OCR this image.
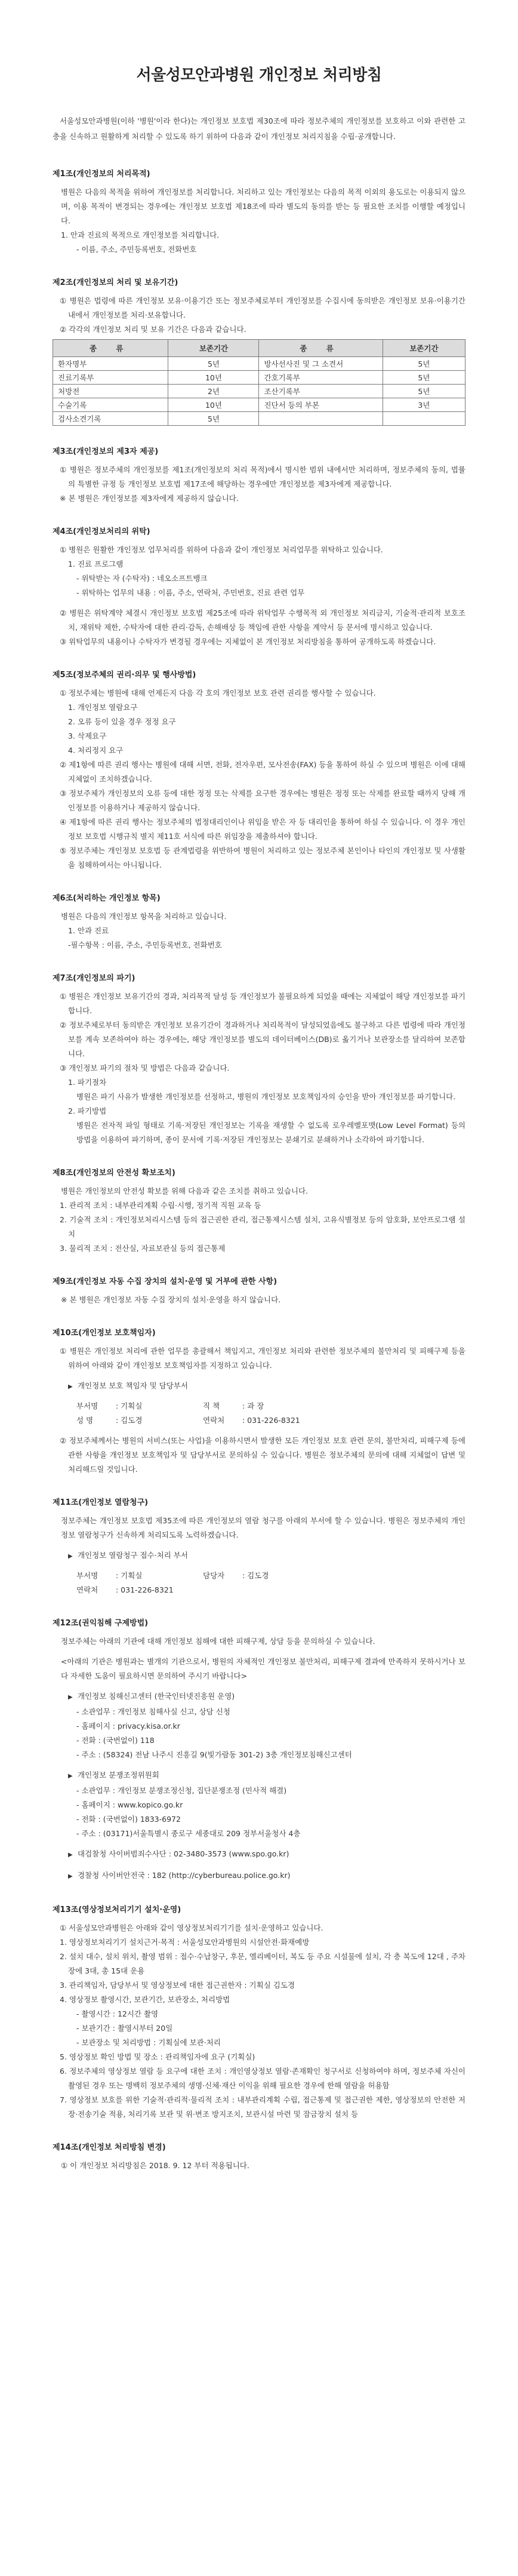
서울성모안과병원 개인정보 처리방침

서울성모안과병원(이하 '병원'이라 한다)는 개인정보 보호법 제30조에 따라 정보주체의 개인정보를 보호하고 이와 관련한 고충을 신속하고 원활하게 처리할 수 있도록 하기 위하여 다음과 같이 개인정보 처리지침을 수립·공개합니다.

제1조(개인정보의 처리목적)

병원은 다음의 목적을 위하여 개인정보를 처리합니다. 처리하고 있는 개인정보는 다음의 목적 이외의 용도로는 이용되지 않으며, 이용 목적이 변경되는 경우에는 개인정보 보호법 제18조에 따라 별도의 동의를 받는 등 필요한 조치를 이행할 예정입니다.

1. 안과 진료의 목적으로 개인정보를 처리합니다.

- 이름, 주소, 주민등록번호, 전화번호

제2조(개인정보의 처리 및 보유기간)

① 병원은 법령에 따른 개인정보 보유·이용기간 또는 정보주체로부터 개인정보를 수집시에 동의받은 개인정보 보유·이용기간 내에서 개인정보를 처리·보유합니다.

② 각각의 개인정보 처리 및 보유 기간은 다음과 같습니다.

종 류	보존기간	종 류	보존기간
환자명부	5년	방사선사진 및 그 소견서	5년
진료기록부	10년	간호기록부	5년
처방전	2년	조산기록부	5년
수술기록	10년	진단서 등의 부본	3년
검사소견기록	5년		
제3조(개인정보의 제3자 제공)

① 병원은 정보주체의 개인정보를 제1조(개인정보의 처리 목적)에서 명시한 범위 내에서만 처리하며, 정보주체의 동의, 법률의 특별한 규정 등 개인정보 보호법 제17조에 해당하는 경우에만 개인정보를 제3자에게 제공합니다.

※ 본 병원은 개인정보를 제3자에게 제공하지 않습니다.

제4조(개인정보처리의 위탁)

① 병원은 원활한 개인정보 업무처리를 위하여 다음과 같이 개인정보 처리업무를 위탁하고 있습니다.

1. 진료 프로그램

- 위탁받는 자 (수탁자) : 네오소프트뱅크

- 위탁하는 업무의 내용 : 이름, 주소, 연락처, 주민번호, 진료 관련 업무

② 병원은 위탁계약 체결시 개인정보 보호법 제25조에 따라 위탁업무 수행목적 외 개인정보 처리금지, 기술적·관리적 보호조치, 재위탁 제한, 수탁자에 대한 관리·감독, 손해배상 등 책임에 관한 사항을 계약서 등 문서에 명시하고 있습니다.

③ 위탁업무의 내용이나 수탁자가 변경될 경우에는 지체없이 본 개인정보 처리방침을 통하여 공개하도록 하겠습니다.

제5조(정보주체의 권리·의무 및 행사방법)

① 정보주체는 병원에 대해 언제든지 다음 각 호의 개인정보 보호 관련 권리를 행사할 수 있습니다.

1. 개인정보 열람요구

2. 오류 등이 있을 경우 정정 요구

3. 삭제요구

4. 처리정지 요구

② 제1항에 따른 권리 행사는 병원에 대해 서면, 전화, 전자우편, 모사전송(FAX) 등을 통하여 하실 수 있으며 병원은 이에 대해 지체없이 조치하겠습니다.

③ 정보주체가 개인정보의 오류 등에 대한 정정 또는 삭제를 요구한 경우에는 병원은 정정 또는 삭제를 완료할 때까지 당해 개인정보를 이용하거나 제공하지 않습니다.

④ 제1항에 따른 권리 행사는 정보주체의 법정대리인이나 위임을 받은 자 등 대리인을 통하여 하실 수 있습니다. 이 경우 개인정보 보호법 시행규칙 별지 제11호 서식에 따른 위임장을 제출하셔야 합니다.

⑤ 정보주체는 개인정보 보호법 등 관계법령을 위반하여 병원이 처리하고 있는 정보주체 본인이나 타인의 개인정보 및 사생활을 침해하여서는 아니됩니다.

제6조(처리하는 개인정보 항목)

병원은 다음의 개인정보 항목을 처리하고 있습니다.

1. 안과 진료

-필수항목 : 이름, 주소, 주민등록번호, 전화번호

제7조(개인정보의 파기)

① 병원은 개인정보 보유기간의 경과, 처리목적 달성 등 개인정보가 불필요하게 되었을 때에는 지체없이 해당 개인정보를 파기합니다.

② 정보주체로부터 동의받은 개인정보 보유기간이 경과하거나 처리목적이 달성되었음에도 불구하고 다른 법령에 따라 개인정보를 계속 보존하여야 하는 경우에는, 해당 개인정보를 별도의 데이터베이스(DB)로 옮기거나 보관장소를 달리하여 보존합니다.

③ 개인정보 파기의 절차 및 방법은 다음과 같습니다.

1. 파기절차

병원은 파기 사유가 발생한 개인정보를 선정하고, 병원의 개인정보 보호책임자의 승인을 받아 개인정보를 파기합니다.

2. 파기방법

병원은 전자적 파일 형태로 기록·저장된 개인정보는 기록을 재생할 수 없도록 로우레벨포맷(Low Level Format) 등의 방법을 이용하여 파기하며, 종이 문서에 기록·저장된 개인정보는 분쇄기로 분쇄하거나 소각하여 파기합니다.

제8조(개인정보의 안전성 확보조치)

병원은 개인정보의 안전성 확보를 위해 다음과 같은 조치를 취하고 있습니다.

1. 관리적 조치 : 내부관리계획 수립·시행, 정기적 직원 교육 등

2. 기술적 조치 : 개인정보처리시스템 등의 접근권한 관리, 접근통제시스템 설치, 고유식별정보 등의 암호화, 보안프로그램 설치

3. 물리적 조치 : 전산실, 자료보관실 등의 접근통제

제9조(개인정보 자동 수집 장치의 설치·운영 및 거부에 관한 사항)

※ 본 병원은 개인정보 자동 수집 장치의 설치·운영을 하지 않습니다.

제10조(개인정보 보호책임자)

① 병원은 개인정보 처리에 관한 업무를 총괄해서 책임지고, 개인정보 처리와 관련한 정보주체의 불만처리 및 피해구제 등을 위하여 아래와 같이 개인정보 보호책임자를 지정하고 있습니다.

▶ 개인정보 보호 책임자 및 담당부서

부서명	: 기획실	직 책	: 과 장
성 명	: 김도경	연락처	: 031-226-8321

② 정보주체께서는 병원의 서비스(또는 사업)을 이용하시면서 발생한 모든 개인정보 보호 관련 문의, 불만처리, 피해구제 등에 관한 사항을 개인정보 보호책임자 및 담당부서로 문의하실 수 있습니다. 병원은 정보주체의 문의에 대해 지체없이 답변 및 처리해드릴 것입니다.

제11조(개인정보 열람청구)

정보주체는 개인정보 보호법 제35조에 따른 개인정보의 열람 청구를 아래의 부서에 할 수 있습니다. 병원은 정보주체의 개인정보 열람청구가 신속하게 처리되도록 노력하겠습니다.

▶ 개인정보 열람청구 접수·처리 부서

부서명	: 기획실	담당자	: 김도경
연락처	: 031-226-8321
제12조(권익침해 구제방법)

정보주체는 아래의 기관에 대해 개인정보 침해에 대한 피해구제, 상담 등을 문의하실 수 있습니다.

<아래의 기관은 병원과는 별개의 기관으로서, 병원의 자체적인 개인정보 불만처리, 피해구제 결과에 만족하지 못하시거나 보다 자세한 도움이 필요하시면 문의하여 주시기 바랍니다>

▶ 개인정보 침해신고센터 (한국인터넷진흥원 운영)

- 소관업무 : 개인정보 침해사실 신고, 상담 신청

- 홈페이지 : privacy.kisa.or.kr

- 전화 : (국번없이) 118

- 주소 : (58324) 전남 나주시 진흥길 9(빛가람동 301-2) 3층 개인정보침해신고센터

▶ 개인정보 분쟁조정위원회

- 소관업무 : 개인정보 분쟁조정신청, 집단분쟁조정 (민사적 해결)

- 홈페이지 : www.kopico.go.kr

- 전화 : (국번없이) 1833-6972

- 주소 : (03171)서울특별시 종로구 세종대로 209 정부서울청사 4층

▶ 대검찰청 사이버범죄수사단 : 02-3480-3573 (www.spo.go.kr)

▶ 경찰청 사이버안전국 : 182 (http://cyberbureau.police.go.kr)

제13조(영상정보처리기기 설치·운영)

① 서울성모안과병원은 아래와 같이 영상정보처리기기를 설치·운영하고 있습니다.

1. 영상정보처리기기 설치근거·목적 : 서울성모안과병원의 시설안전·화재예방

2. 설치 대수, 설치 위치, 촬영 범위 : 접수·수납창구, 후문, 엘리베이터, 복도 등 주요 시설물에 설치, 각 층 복도에 12대 , 주차장에 3대, 총 15대 운용

3. 관리책임자, 담당부서 및 영상정보에 대한 접근권한자 : 기획실 김도경

4. 영상정보 촬영시간, 보관기간, 보관장소, 처리방법

- 촬영시간 : 12시간 촬영

- 보관기간 : 촬영시부터 20일

- 보관장소 및 처리방법 : 기획실에 보관·처리

5. 영상정보 확인 방법 및 장소 : 관리책임자에 요구 (기획실)

6. 정보주체의 영상정보 열람 등 요구에 대한 조치 : 개인영상정보 열람·존재확인 청구서로 신청하여야 하며, 정보주체 자신이 촬영된 경우 또는 명백히 정보주체의 생명·신체·재산 이익을 위해 필요한 경우에 한해 열람을 허용함

7. 영상정보 보호를 위한 기술적·관리적·물리적 조치 : 내부관리계획 수립, 접근통제 및 접근권한 제한, 영상정보의 안전한 저장·전송기술 적용, 처리기록 보관 및 위·변조 방지조치, 보관시설 마련 및 잠금장치 설치 등

제14조(개인정보 처리방침 변경)

① 이 개인정보 처리방침은 2018. 9. 12 부터 적용됩니다.
